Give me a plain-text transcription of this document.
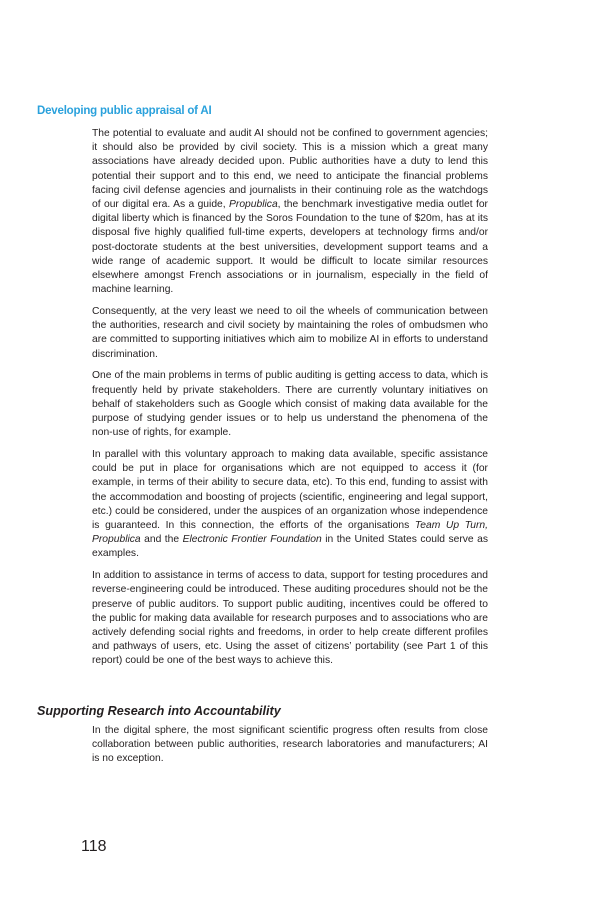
Developing public appraisal of AI

The potential to evaluate and audit AI should not be confined to government agencies; it should also be provided by civil society. This is a mission which a great many associations have already decided upon. Public authorities have a duty to lend this potential their support and to this end, we need to anticipate the financial problems facing civil defense agencies and journalists in their continuing role as the watchdogs of our digital era. As a guide, Propublica, the benchmark investigative media outlet for digital liberty which is financed by the Soros Foundation to the tune of $20m, has at its disposal five highly qualified full-time experts, developers at technology firms and/or post-doctorate students at the best universities, development support teams and a wide range of academic support. It would be difficult to locate similar resources elsewhere amongst French associations or in journalism, especially in the field of machine learning.

Consequently, at the very least we need to oil the wheels of communication between the authorities, research and civil society by maintaining the roles of ombudsmen who are committed to supporting initiatives which aim to mobilize AI in efforts to understand discrimination.

One of the main problems in terms of public auditing is getting access to data, which is frequently held by private stakeholders. There are currently voluntary initiatives on behalf of stakeholders such as Google which consist of making data available for the purpose of studying gender issues or to help us understand the phenomena of the non-use of rights, for example.

In parallel with this voluntary approach to making data available, specific assistance could be put in place for organisations which are not equipped to access it (for example, in terms of their ability to secure data, etc). To this end, funding to assist with the accommodation and boosting of projects (scientific, engineering and legal support, etc.) could be considered, under the auspices of an organization whose independence is guaranteed. In this connection, the efforts of the organisations Team Up Turn, Propublica and the Electronic Frontier Foundation in the United States could serve as examples.

In addition to assistance in terms of access to data, support for testing procedures and reverse-engineering could be introduced. These auditing procedures should not be the preserve of public auditors. To support public auditing, incentives could be offered to the public for making data available for research purposes and to associations who are actively defending social rights and freedoms, in order to help create different profiles and pathways of users, etc. Using the asset of citizens’ portability (see Part 1 of this report) could be one of the best ways to achieve this.

Supporting Research into Accountability

In the digital sphere, the most significant scientific progress often results from close collaboration between public authorities, research laboratories and manufacturers; AI is no exception.

118
